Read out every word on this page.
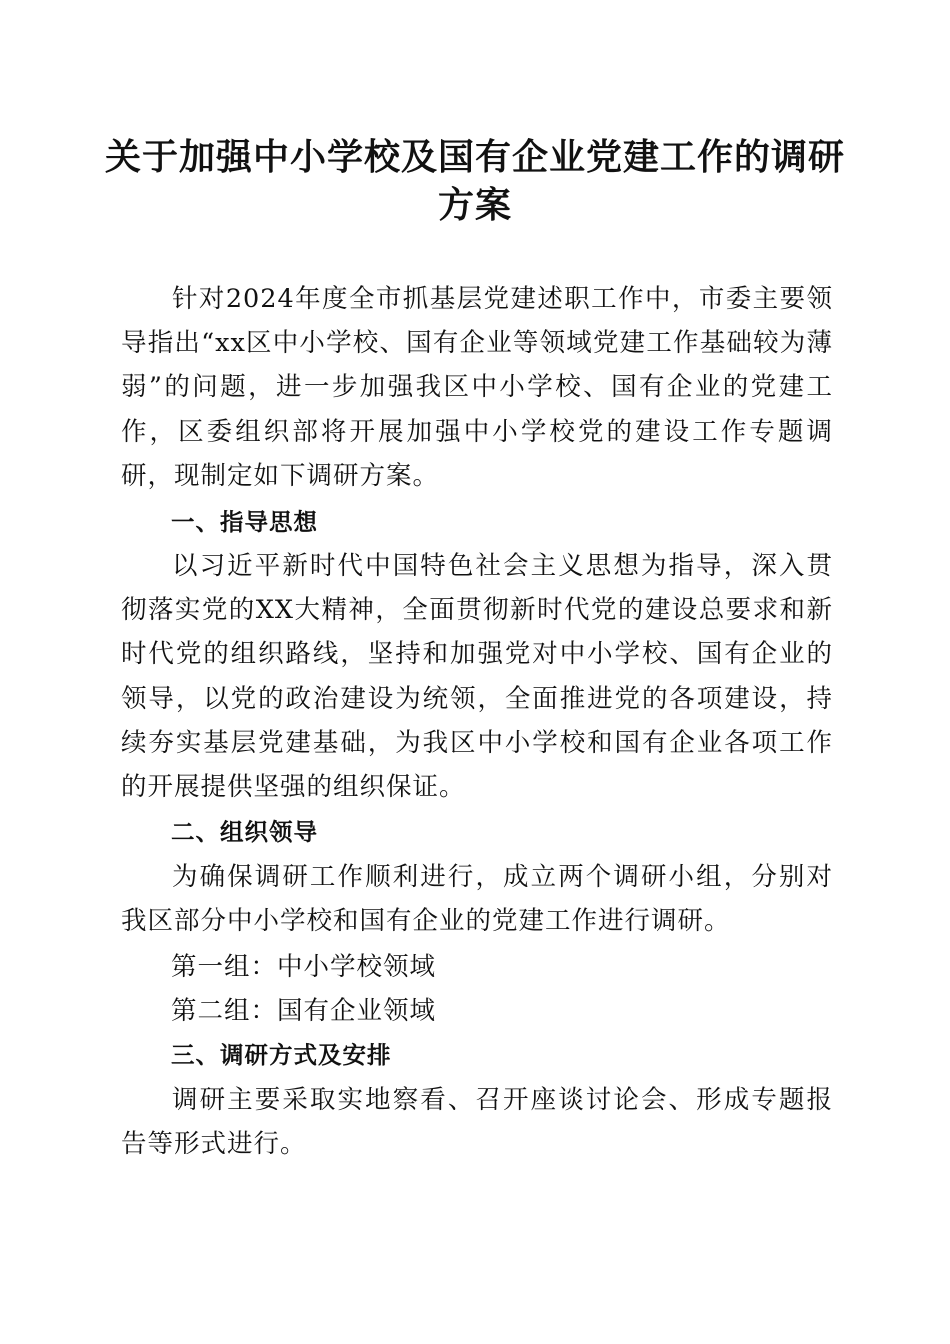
关于加强中小学校及国有企业党建工作的调研
方案

针对2024年度全市抓基层党建述职工作中，市委主要领导指出“xx区中小学校、国有企业等领域党建工作基础较为薄弱”的问题，进一步加强我区中小学校、国有企业的党建工作，区委组织部将开展加强中小学校党的建设工作专题调研，现制定如下调研方案。

一、指导思想

以习近平新时代中国特色社会主义思想为指导，深入贯彻落实党的XX大精神，全面贯彻新时代党的建设总要求和新时代党的组织路线，坚持和加强党对中小学校、国有企业的领导，以党的政治建设为统领，全面推进党的各项建设，持续夯实基层党建基础，为我区中小学校和国有企业各项工作的开展提供坚强的组织保证。

二、组织领导

为确保调研工作顺利进行，成立两个调研小组，分别对我区部分中小学校和国有企业的党建工作进行调研。

第一组：中小学校领域
第二组：国有企业领域
三、调研方式及安排

调研主要采取实地察看、召开座谈讨论会、形成专题报告等形式进行。
